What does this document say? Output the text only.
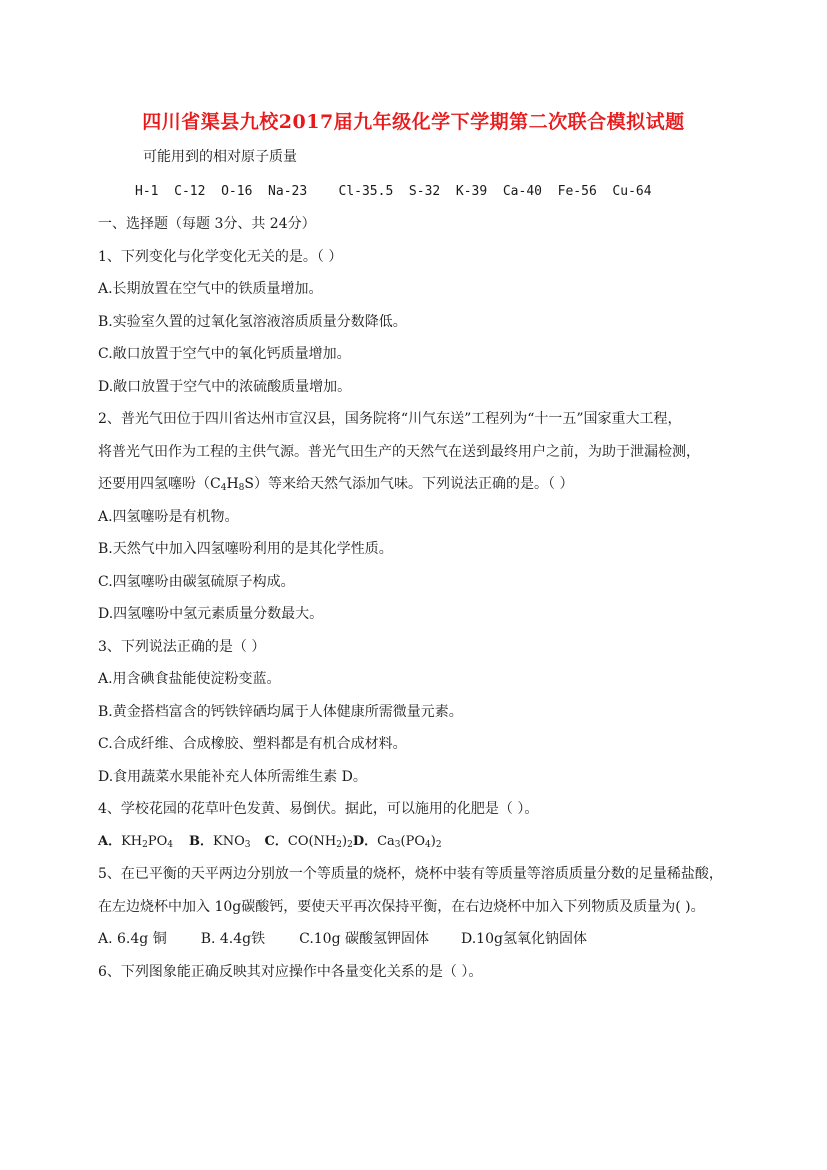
四川省渠县九校2017届九年级化学下学期第二次联合模拟试题
可能用到的相对原子质量
H-1  C-12  O-16  Na-23    Cl-35.5  S-32  K-39  Ca-40  Fe-56  Cu-64
一、选择题（每题 3分、共 24分）
1、下列变化与化学变化无关的是。（ ）
A.长期放置在空气中的铁质量增加。
B.实验室久置的过氧化氢溶液溶质质量分数降低。
C.敞口放置于空气中的氧化钙质量增加。
D.敞口放置于空气中的浓硫酸质量增加。
2、普光气田位于四川省达州市宣汉县，国务院将“川气东送”工程列为“十一五”国家重大工程，
将普光气田作为工程的主供气源。普光气田生产的天然气在送到最终用户之前，为助于泄漏检测，
还要用四氢噻吩$(C_4H_8S)$等来给天然气添加气味。下列说法正确的是。（ ）
A.四氢噻吩是有机物。
B.天然气中加入四氢噻吩利用的是其化学性质。
C.四氢噻吩由碳氢硫原子构成。
D.四氢噻吩中氢元素质量分数最大。
3、下列说法正确的是（ ）
A.用含碘食盐能使淀粉变蓝。
B.黄金搭档富含的钙铁锌硒均属于人体健康所需微量元素。
C.合成纤维、合成橡胶、塑料都是有机合成材料。
D.食用蔬菜水果能补充人体所需维生素 D。
4、学校花园的花草叶色发黄、易倒伏。据此，可以施用的化肥是（ ）。
A．$KH_2PO_4$ B．$KNO_3$ C．$CO(NH_2)_2D$．$Ca_3(PO_4)_2$
5、在已平衡的天平两边分别放一个等质量的烧杯，烧杯中装有等质量等溶质质量分数的足量稀盐酸，
在左边烧杯中加入 10g碳酸钙，要使天平再次保持平衡，在右边烧杯中加入下列物质及质量为( )。
A. 6.4g 铜 B. 4.4g铁 C.10g 碳酸氢钾固体 D.10g氢氧化钠固体
6、下列图象能正确反映其对应操作中各量变化关系的是（ ）。
